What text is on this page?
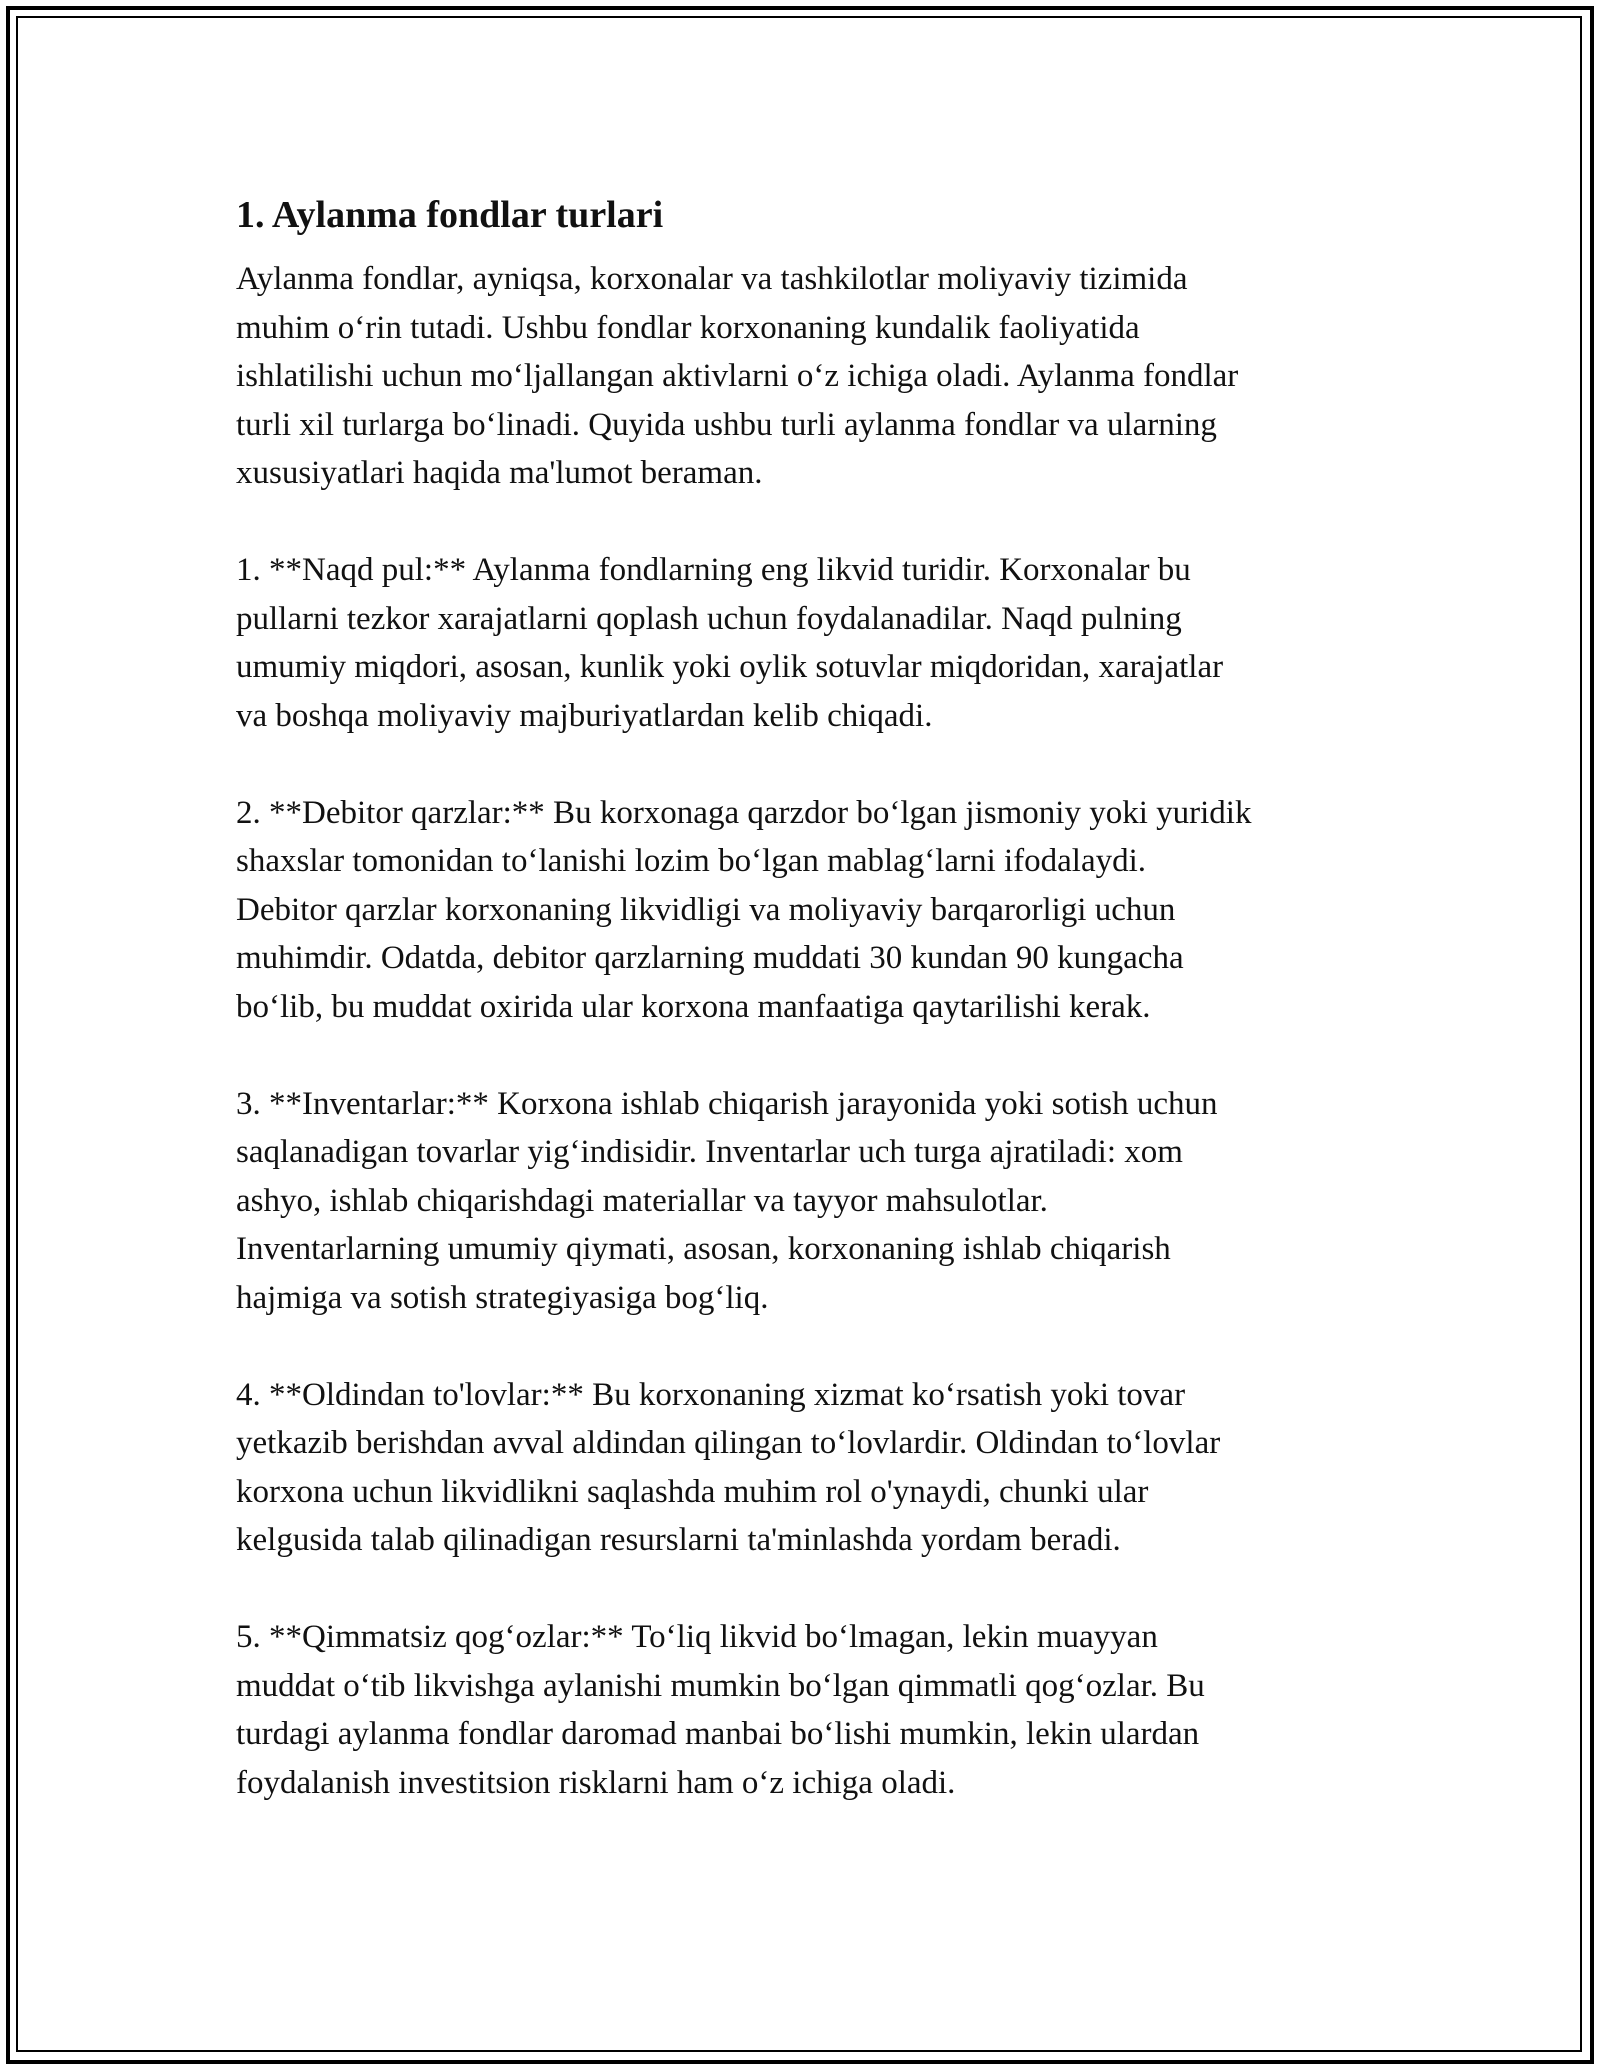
1. Aylanma fondlar turlari

Aylanma fondlar, ayniqsa, korxonalar va tashkilotlar moliyaviy tizimida
muhim o‘rin tutadi. Ushbu fondlar korxonaning kundalik faoliyatida
ishlatilishi uchun mo‘ljallangan aktivlarni o‘z ichiga oladi. Aylanma fondlar
turli xil turlarga bo‘linadi. Quyida ushbu turli aylanma fondlar va ularning
xususiyatlari haqida ma'lumot beraman.

1. **Naqd pul:** Aylanma fondlarning eng likvid turidir. Korxonalar bu
pullarni tezkor xarajatlarni qoplash uchun foydalanadilar. Naqd pulning
umumiy miqdori, asosan, kunlik yoki oylik sotuvlar miqdoridan, xarajatlar
va boshqa moliyaviy majburiyatlardan kelib chiqadi.

2. **Debitor qarzlar:** Bu korxonaga qarzdor bo‘lgan jismoniy yoki yuridik
shaxslar tomonidan to‘lanishi lozim bo‘lgan mablag‘larni ifodalaydi.
Debitor qarzlar korxonaning likvidligi va moliyaviy barqarorligi uchun
muhimdir. Odatda, debitor qarzlarning muddati 30 kundan 90 kungacha
bo‘lib, bu muddat oxirida ular korxona manfaatiga qaytarilishi kerak.

3. **Inventarlar:** Korxona ishlab chiqarish jarayonida yoki sotish uchun
saqlanadigan tovarlar yig‘indisidir. Inventarlar uch turga ajratiladi: xom
ashyo, ishlab chiqarishdagi materiallar va tayyor mahsulotlar.
Inventarlarning umumiy qiymati, asosan, korxonaning ishlab chiqarish
hajmiga va sotish strategiyasiga bog‘liq.

4. **Oldindan to'lovlar:** Bu korxonaning xizmat ko‘rsatish yoki tovar
yetkazib berishdan avval aldindan qilingan to‘lovlardir. Oldindan to‘lovlar
korxona uchun likvidlikni saqlashda muhim rol o'ynaydi, chunki ular
kelgusida talab qilinadigan resurslarni ta'minlashda yordam beradi.

5. **Qimmatsiz qog‘ozlar:** To‘liq likvid bo‘lmagan, lekin muayyan
muddat o‘tib likvishga aylanishi mumkin bo‘lgan qimmatli qog‘ozlar. Bu
turdagi aylanma fondlar daromad manbai bo‘lishi mumkin, lekin ulardan
foydalanish investitsion risklarni ham o‘z ichiga oladi.
